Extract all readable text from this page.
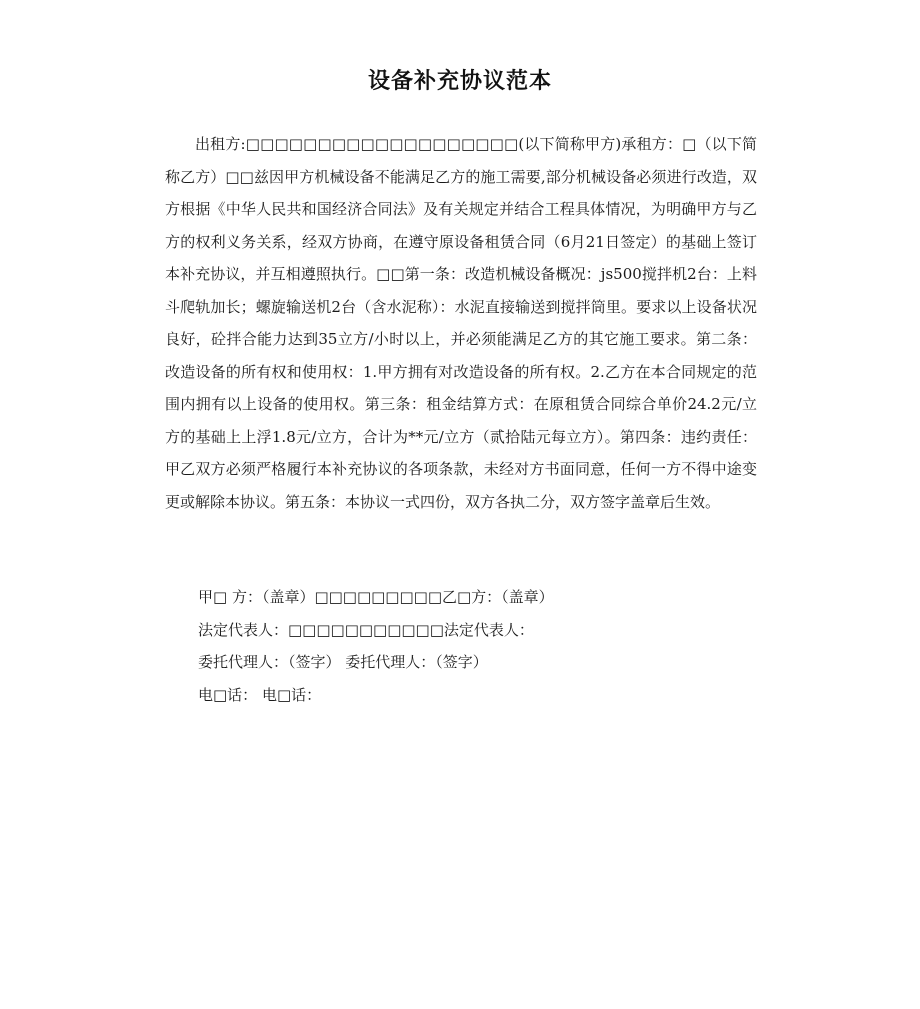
设备补充协议范本

出租方:□□□□□□□□□□□□□□□□□□□(以下简称甲方)承租方：□（以下简称乙方）□□兹因甲方机械设备不能满足乙方的施工需要,部分机械设备必须进行改造，双方根据《中华人民共和国经济合同法》及有关规定并结合工程具体情况，为明确甲方与乙方的权利义务关系，经双方协商，在遵守原设备租赁合同（6月21日签定）的基础上签订本补充协议，并互相遵照执行。□□第一条：改造机械设备概况：js500搅拌机2台：上料斗爬轨加长；螺旋输送机2台（含水泥称）：水泥直接输送到搅拌筒里。要求以上设备状况良好，砼拌合能力达到35立方/小时以上，并必须能满足乙方的其它施工要求。第二条：改造设备的所有权和使用权：1.甲方拥有对改造设备的所有权。2.乙方在本合同规定的范围内拥有以上设备的使用权。第三条：租金结算方式：在原租赁合同综合单价24.2元/立方的基础上上浮1.8元/立方，合计为**元/立方（贰拾陆元每立方）。第四条：违约责任：甲乙双方必须严格履行本补充协议的各项条款，未经对方书面同意，任何一方不得中途变更或解除本协议。第五条：本协议一式四份，双方各执二分，双方签字盖章后生效。

甲□ 方：（盖章）□□□□□□□□□乙□方：（盖章）

法定代表人：□□□□□□□□□□□法定代表人：

委托代理人：（签字） 委托代理人：（签字）

电□话： 电□话：
